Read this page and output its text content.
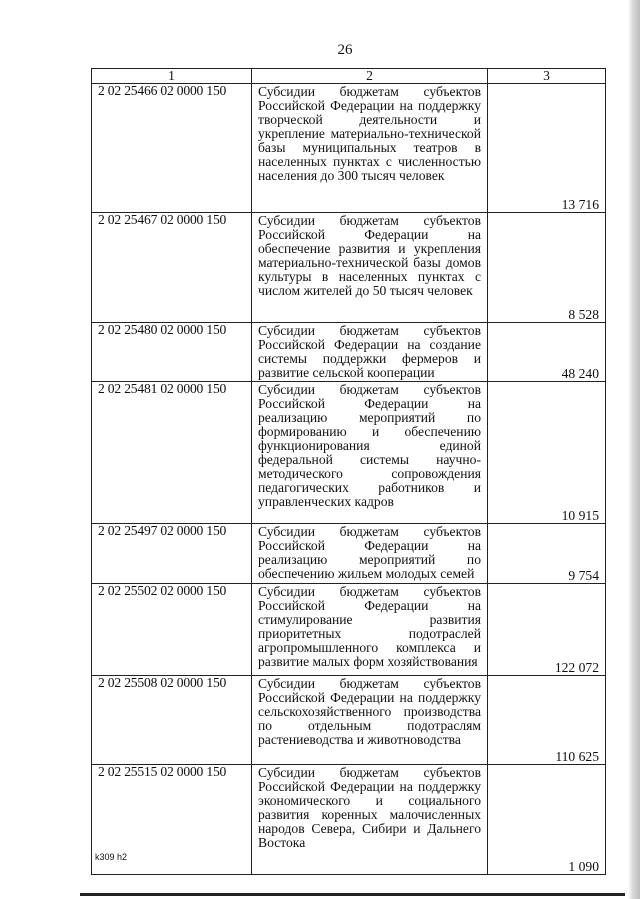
26
1	2	3
2 02 25466 02 0000 150	Субсидии бюджетам субъектов Российской Федерации на поддержку творческой деятельности и укрепление материально-технической базы муниципальных театров в населенных пунктах с численностью населения до 300 тысяч человек	13 716
2 02 25467 02 0000 150	Субсидии бюджетам субъектов Российской Федерации на обеспечение развития и укрепления материально-технической базы домов культуры в населенных пунктах с числом жителей до 50 тысяч человек	8 528
2 02 25480 02 0000 150	Субсидии бюджетам субъектов Российской Федерации на создание системы поддержки фермеров и развитие сельской кооперации	48 240
2 02 25481 02 0000 150	Субсидии бюджетам субъектов Российской Федерации на реализацию мероприятий по формированию и обеспечению функционирования единой федеральной системы научно-методического сопровождения педагогических работников и управленческих кадров	10 915
2 02 25497 02 0000 150	Субсидии бюджетам субъектов Российской Федерации на реализацию мероприятий по обеспечению жильем молодых семей	9 754
2 02 25502 02 0000 150	Субсидии бюджетам субъектов Российской Федерации на стимулирование развития приоритетных подотраслей агропромышленного комплекса и развитие малых форм хозяйствования	122 072
2 02 25508 02 0000 150	Субсидии бюджетам субъектов Российской Федерации на поддержку сельскохозяйственного производства по отдельным подотраслям растениеводства и животноводства	110 625
2 02 25515 02 0000 150	Субсидии бюджетам субъектов Российской Федерации на поддержку экономического и социального развития коренных малочисленных народов Севера, Сибири и Дальнего Востока	1 090
k309 h2
